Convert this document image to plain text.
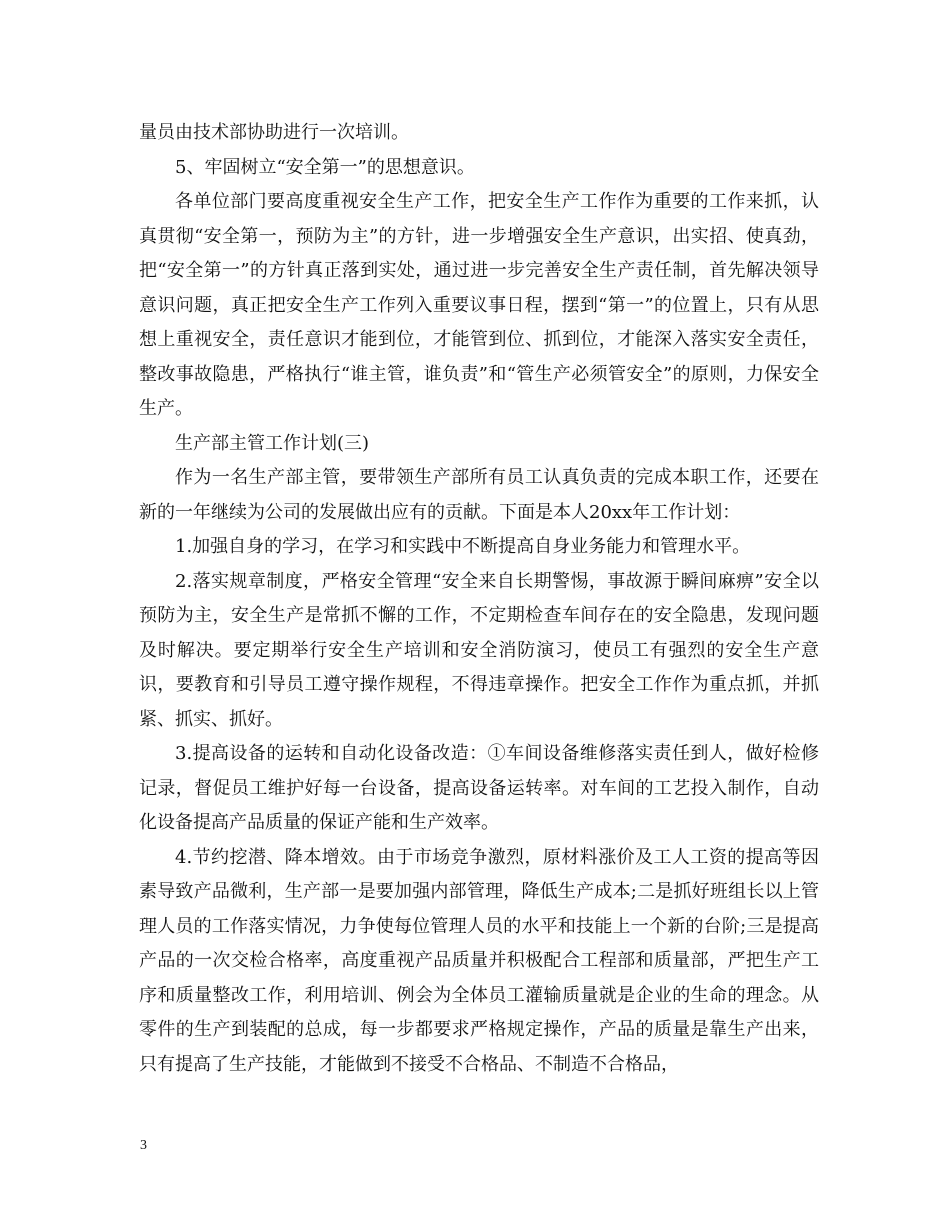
量员由技术部协助进行一次培训。

5、牢固树立“安全第一”的思想意识。

各单位部门要高度重视安全生产工作，把安全生产工作作为重要的工作来抓，认真贯彻“安全第一，预防为主”的方针，进一步增强安全生产意识，出实招、使真劲，把“安全第一”的方针真正落到实处，通过进一步完善安全生产责任制，首先解决领导意识问题，真正把安全生产工作列入重要议事日程，摆到“第一”的位置上，只有从思想上重视安全，责任意识才能到位，才能管到位、抓到位，才能深入落实安全责任，整改事故隐患，严格执行“谁主管，谁负责”和“管生产必须管安全”的原则，力保安全生产。

生产部主管工作计划(三)

作为一名生产部主管，要带领生产部所有员工认真负责的完成本职工作，还要在新的一年继续为公司的发展做出应有的贡献。下面是本人20xx年工作计划：

1.加强自身的学习，在学习和实践中不断提高自身业务能力和管理水平。

2.落实规章制度，严格安全管理“安全来自长期警惕，事故源于瞬间麻痹”安全以预防为主，安全生产是常抓不懈的工作，不定期检查车间存在的安全隐患，发现问题及时解决。要定期举行安全生产培训和安全消防演习，使员工有强烈的安全生产意识，要教育和引导员工遵守操作规程，不得违章操作。把安全工作作为重点抓，并抓紧、抓实、抓好。

3.提高设备的运转和自动化设备改造：①车间设备维修落实责任到人，做好检修记录，督促员工维护好每一台设备，提高设备运转率。对车间的工艺投入制作，自动化设备提高产品质量的保证产能和生产效率。

4.节约挖潜、降本增效。由于市场竞争激烈，原材料涨价及工人工资的提高等因素导致产品微利，生产部一是要加强内部管理，降低生产成本;二是抓好班组长以上管理人员的工作落实情况，力争使每位管理人员的水平和技能上一个新的台阶;三是提高产品的一次交检合格率，高度重视产品质量并积极配合工程部和质量部，严把生产工序和质量整改工作，利用培训、例会为全体员工灌输质量就是企业的生命的理念。从零件的生产到装配的总成，每一步都要求严格规定操作，产品的质量是靠生产出来，只有提高了生产技能，才能做到不接受不合格品、不制造不合格品，

3
